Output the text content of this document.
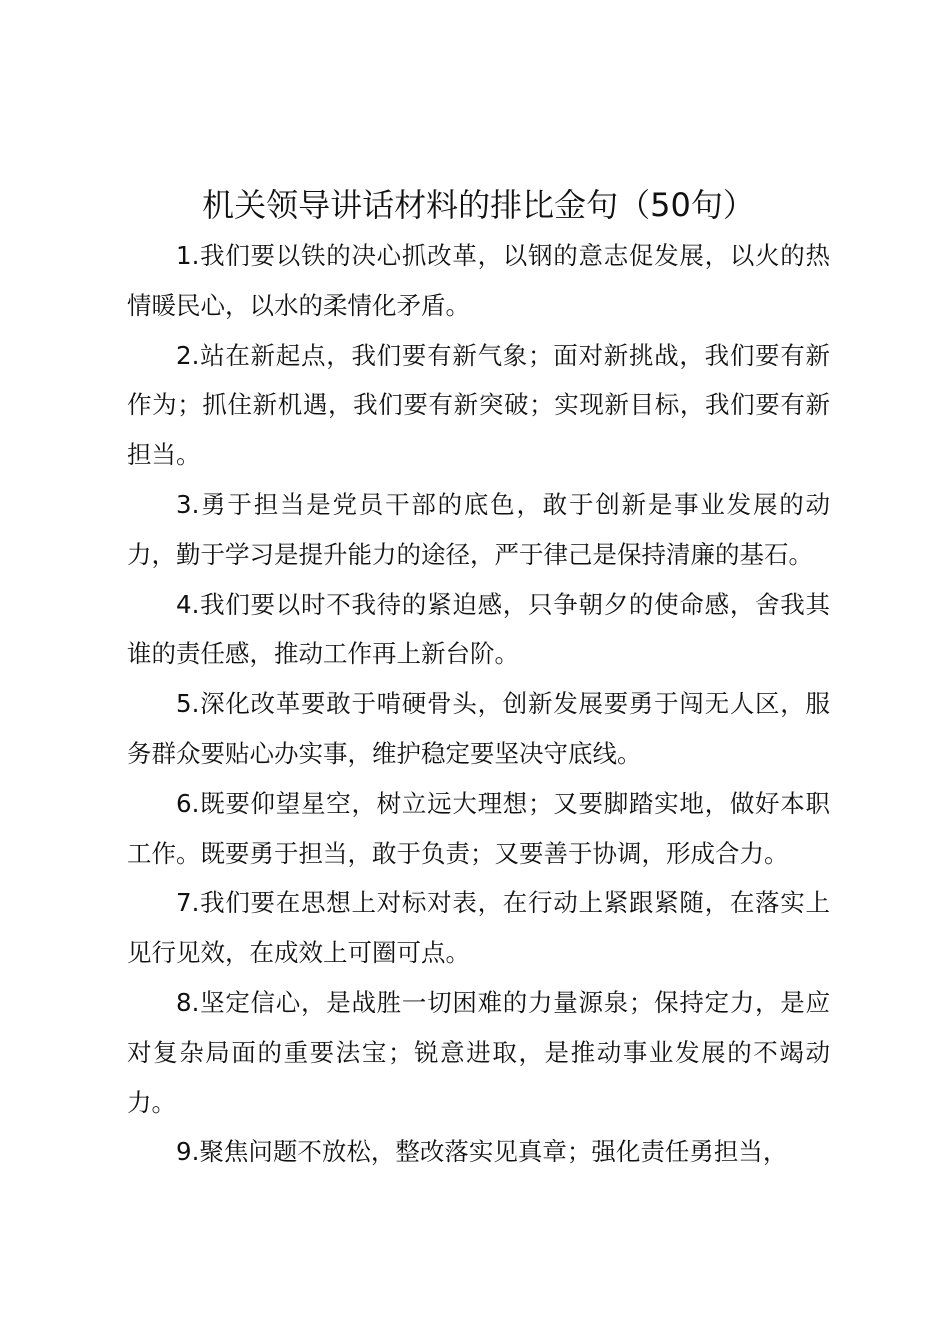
机关领导讲话材料的排比金句（50句）

1.我们要以铁的决心抓改革，以钢的意志促发展，以火的热情暖民心，以水的柔情化矛盾。

2.站在新起点，我们要有新气象；面对新挑战，我们要有新作为；抓住新机遇，我们要有新突破；实现新目标，我们要有新担当。

3.勇于担当是党员干部的底色，敢于创新是事业发展的动力，勤于学习是提升能力的途径，严于律己是保持清廉的基石。

4.我们要以时不我待的紧迫感，只争朝夕的使命感，舍我其谁的责任感，推动工作再上新台阶。

5.深化改革要敢于啃硬骨头，创新发展要勇于闯无人区，服务群众要贴心办实事，维护稳定要坚决守底线。

6.既要仰望星空，树立远大理想；又要脚踏实地，做好本职工作。既要勇于担当，敢于负责；又要善于协调，形成合力。

7.我们要在思想上对标对表，在行动上紧跟紧随，在落实上见行见效，在成效上可圈可点。

8.坚定信心，是战胜一切困难的力量源泉；保持定力，是应对复杂局面的重要法宝；锐意进取，是推动事业发展的不竭动力。

9.聚焦问题不放松，整改落实见真章；强化责任勇担当，
